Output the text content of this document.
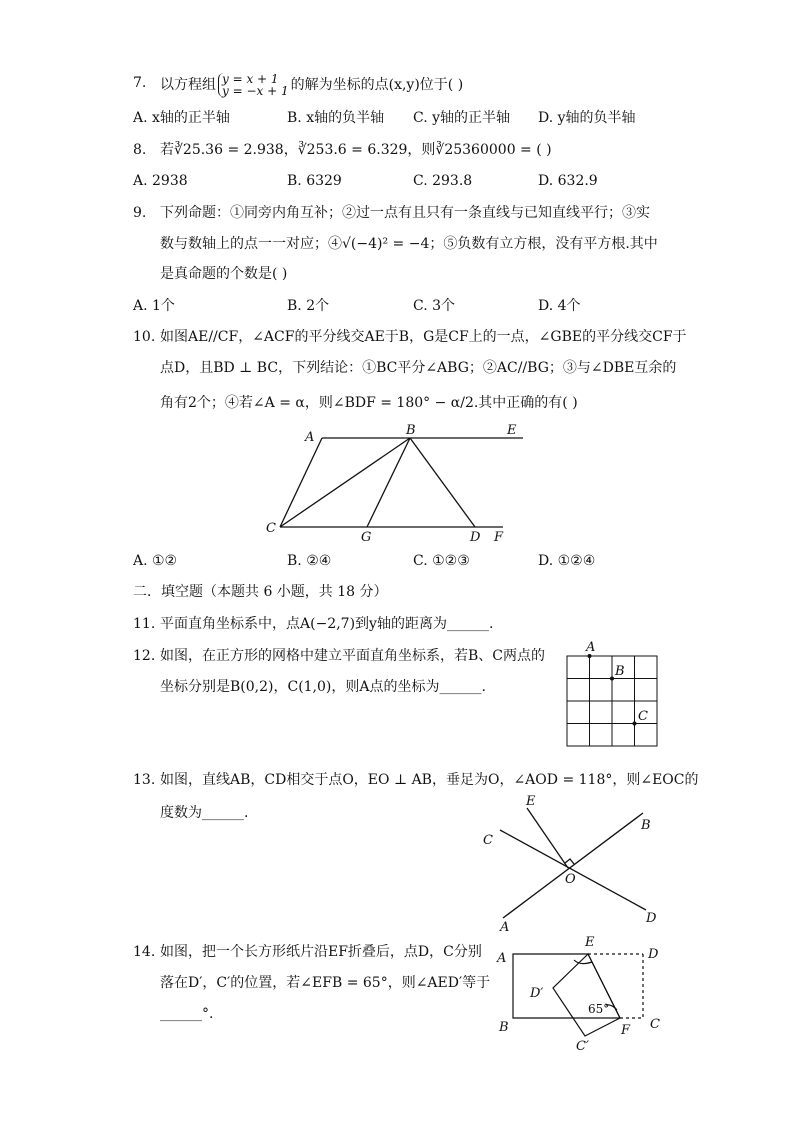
7. 以方程组 y = x + 1
y = −x + 1 的解为坐标的点(x,y)位于( )
A. x轴的正半轴	B. x轴的负半轴 C. y轴的正半轴 D. y轴的负半轴
8. 若∛25.36 = 2.938，∛253.6 = 6.329，则∛25360000 = ( )
A. 2938	B. 6329	C. 293.8	D. 632.9
9. 下列命题：①同旁内角互补；②过一点有且只有一条直线与已知直线平行；③实
数与数轴上的点一一对应；④√(−4)² = −4；⑤负数有立方根，没有平方根.其中
是真命题的个数是( )
A. 1个	B. 2个	C. 3个	D. 4个
10. 如图AE//CF，∠ACF的平分线交AE于B，G是CF上的一点，∠GBE的平分线交CF于
点D，且BD ⊥ BC，下列结论：①BC平分∠ABG；②AC//BG；③与∠DBE互余的
角有2个；④若∠A = α，则∠BDF = 180° − α/2.其中正确的有( )
A	B	E
C
G	D F
A. ①②	B. ②④	C. ①②③	D. ①②④
二．填空题（本题共 6 小题，共 18 分）
11. 平面直角坐标系中，点A(−2,7)到y轴的距离为______.
12. 如图，在正方形的网格中建立平面直角坐标系，若B、C两点的
坐标分别是B(0,2)，C(1,0)，则A点的坐标为______.
A
B
C
13. 如图，直线AB，CD相交于点O，EO ⊥ AB，垂足为O，∠AOD = 118°，则∠EOC的
度数为______.
E
B
C
O
A
D
14. 如图，把一个长方形纸片沿EF折叠后，点D，C分别
落在D′，C′的位置，若∠EFB = 65°，则∠AED′等于
______°.
A
E
D
D′
65°
B	F C
C′
